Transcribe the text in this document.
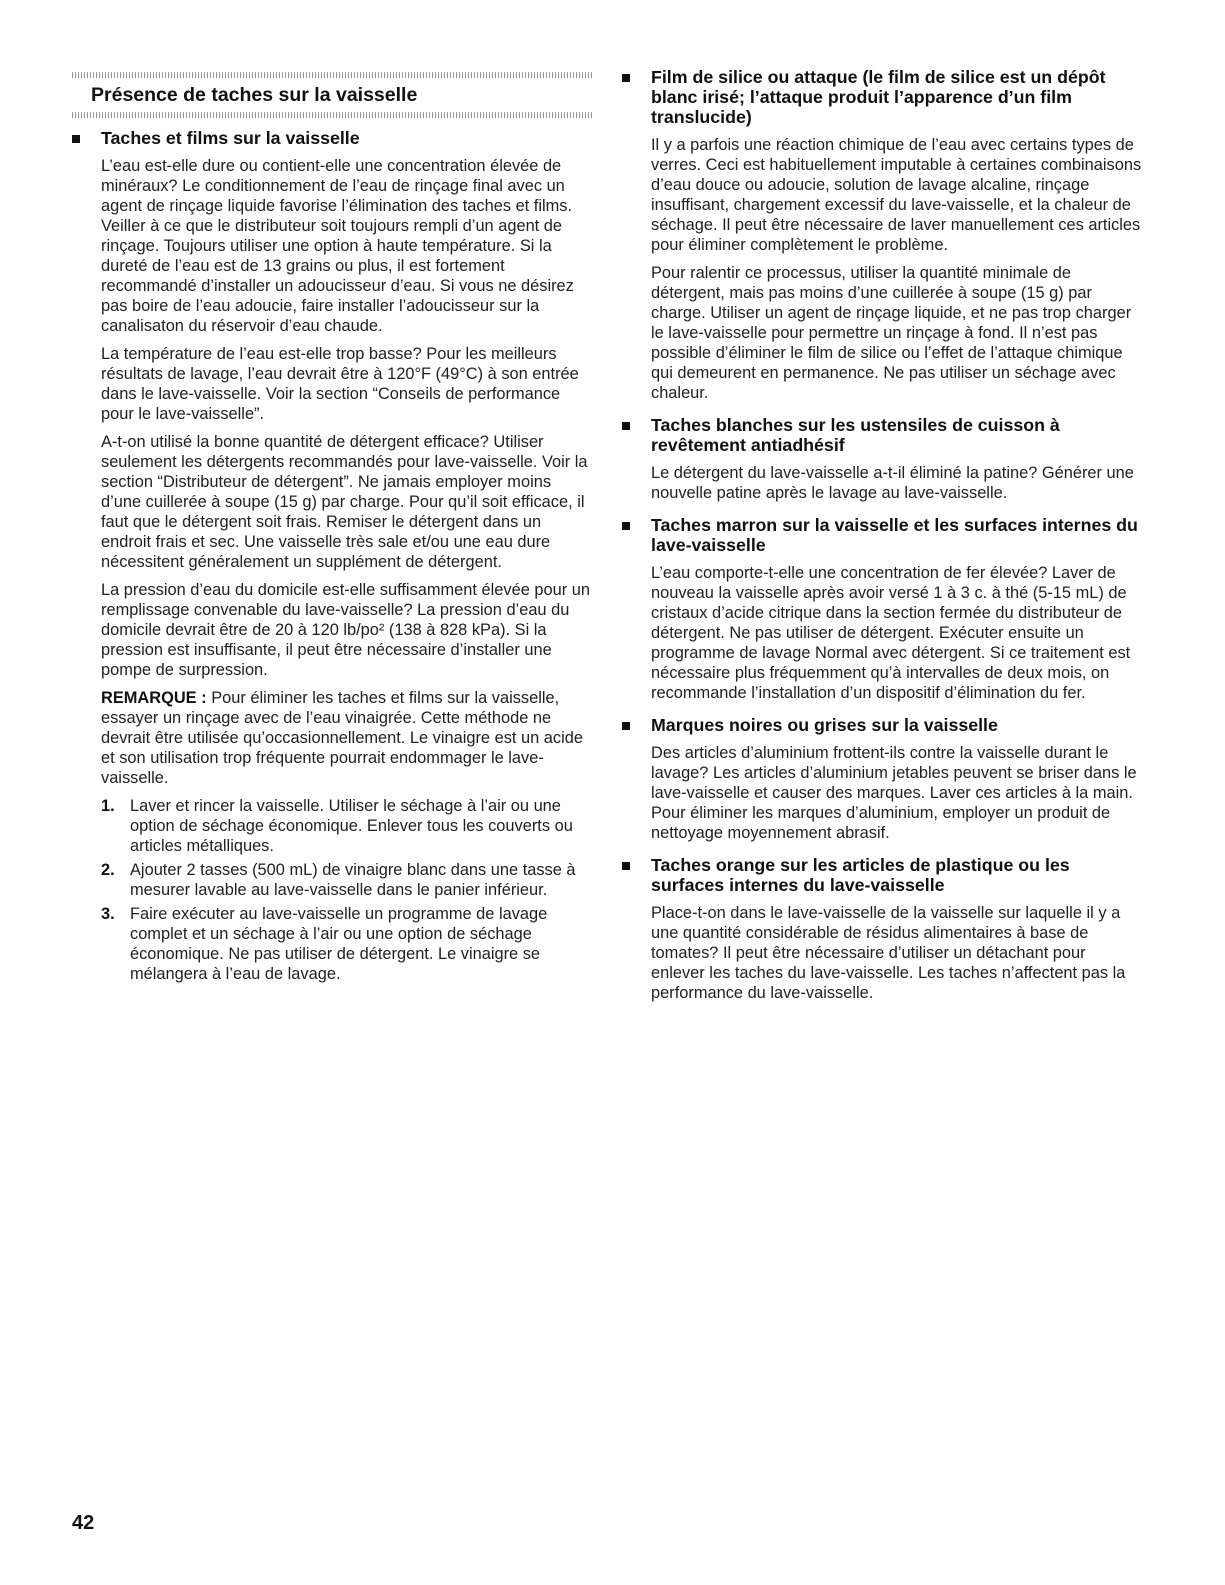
Présence de taches sur la vaisselle
Taches et films sur la vaisselle

L’eau est-elle dure ou contient-elle une concentration élevée de minéraux? Le conditionnement de l’eau de rinçage final avec un agent de rinçage liquide favorise l’élimination des taches et films. Veiller à ce que le distributeur soit toujours rempli d’un agent de rinçage. Toujours utiliser une option à haute température. Si la dureté de l’eau est de 13 grains ou plus, il est fortement recommandé d’installer un adoucisseur d’eau. Si vous ne désirez pas boire de l’eau adoucie, faire installer l’adoucisseur sur la canalisaton du réservoir d’eau chaude.

La température de l’eau est-elle trop basse? Pour les meilleurs résultats de lavage, l’eau devrait être à 120°F (49°C) à son entrée dans le lave-vaisselle. Voir la section “Conseils de performance pour le lave-vaisselle”.

A-t-on utilisé la bonne quantité de détergent efficace? Utiliser seulement les détergents recommandés pour lave-vaisselle. Voir la section “Distributeur de détergent”. Ne jamais employer moins d’une cuillerée à soupe (15 g) par charge. Pour qu’il soit efficace, il faut que le détergent soit frais. Remiser le détergent dans un endroit frais et sec. Une vaisselle très sale et/ou une eau dure nécessitent généralement un supplément de détergent.

La pression d’eau du domicile est-elle suffisamment élevée pour un remplissage convenable du lave-vaisselle? La pression d’eau du domicile devrait être de 20 à 120 lb/po² (138 à 828 kPa). Si la pression est insuffisante, il peut être nécessaire d’installer une pompe de surpression.

REMARQUE : Pour éliminer les taches et films sur la vaisselle, essayer un rinçage avec de l’eau vinaigrée. Cette méthode ne devrait être utilisée qu’occasionnellement. Le vinaigre est un acide et son utilisation trop fréquente pourrait endommager le lave-vaisselle.

1. Laver et rincer la vaisselle. Utiliser le séchage à l’air ou une option de séchage économique. Enlever tous les couverts ou articles métalliques.
2. Ajouter 2 tasses (500 mL) de vinaigre blanc dans une tasse à mesurer lavable au lave-vaisselle dans le panier inférieur.
3. Faire exécuter au lave-vaisselle un programme de lavage complet et un séchage à l’air ou une option de séchage économique. Ne pas utiliser de détergent. Le vinaigre se mélangera à l’eau de lavage.
Film de silice ou attaque (le film de silice est un dépôt blanc irisé; l’attaque produit l’apparence d’un film translucide)

Il y a parfois une réaction chimique de l’eau avec certains types de verres. Ceci est habituellement imputable à certaines combinaisons d’eau douce ou adoucie, solution de lavage alcaline, rinçage insuffisant, chargement excessif du lave-vaisselle, et la chaleur de séchage. Il peut être nécessaire de laver manuellement ces articles pour éliminer complètement le problème.

Pour ralentir ce processus, utiliser la quantité minimale de détergent, mais pas moins d’une cuillerée à soupe (15 g) par charge. Utiliser un agent de rinçage liquide, et ne pas trop charger le lave-vaisselle pour permettre un rinçage à fond. Il n’est pas possible d’éliminer le film de silice ou l’effet de l’attaque chimique qui demeurent en permanence. Ne pas utiliser un séchage avec chaleur.

Taches blanches sur les ustensiles de cuisson à revêtement antiadhésif

Le détergent du lave-vaisselle a-t-il éliminé la patine? Générer une nouvelle patine après le lavage au lave-vaisselle.

Taches marron sur la vaisselle et les surfaces internes du lave-vaisselle

L’eau comporte-t-elle une concentration de fer élevée? Laver de nouveau la vaisselle après avoir versé 1 à 3 c. à thé (5-15 mL) de cristaux d’acide citrique dans la section fermée du distributeur de détergent. Ne pas utiliser de détergent. Exécuter ensuite un programme de lavage Normal avec détergent. Si ce traitement est nécessaire plus fréquemment qu’à intervalles de deux mois, on recommande l’installation d’un dispositif d’élimination du fer.

Marques noires ou grises sur la vaisselle

Des articles d’aluminium frottent-ils contre la vaisselle durant le lavage? Les articles d’aluminium jetables peuvent se briser dans le lave-vaisselle et causer des marques. Laver ces articles à la main. Pour éliminer les marques d’aluminium, employer un produit de nettoyage moyennement abrasif.

Taches orange sur les articles de plastique ou les surfaces internes du lave-vaisselle

Place-t-on dans le lave-vaisselle de la vaisselle sur laquelle il y a une quantité considérable de résidus alimentaires à base de tomates? Il peut être nécessaire d’utiliser un détachant pour enlever les taches du lave-vaisselle. Les taches n’affectent pas la performance du lave-vaisselle.

42
